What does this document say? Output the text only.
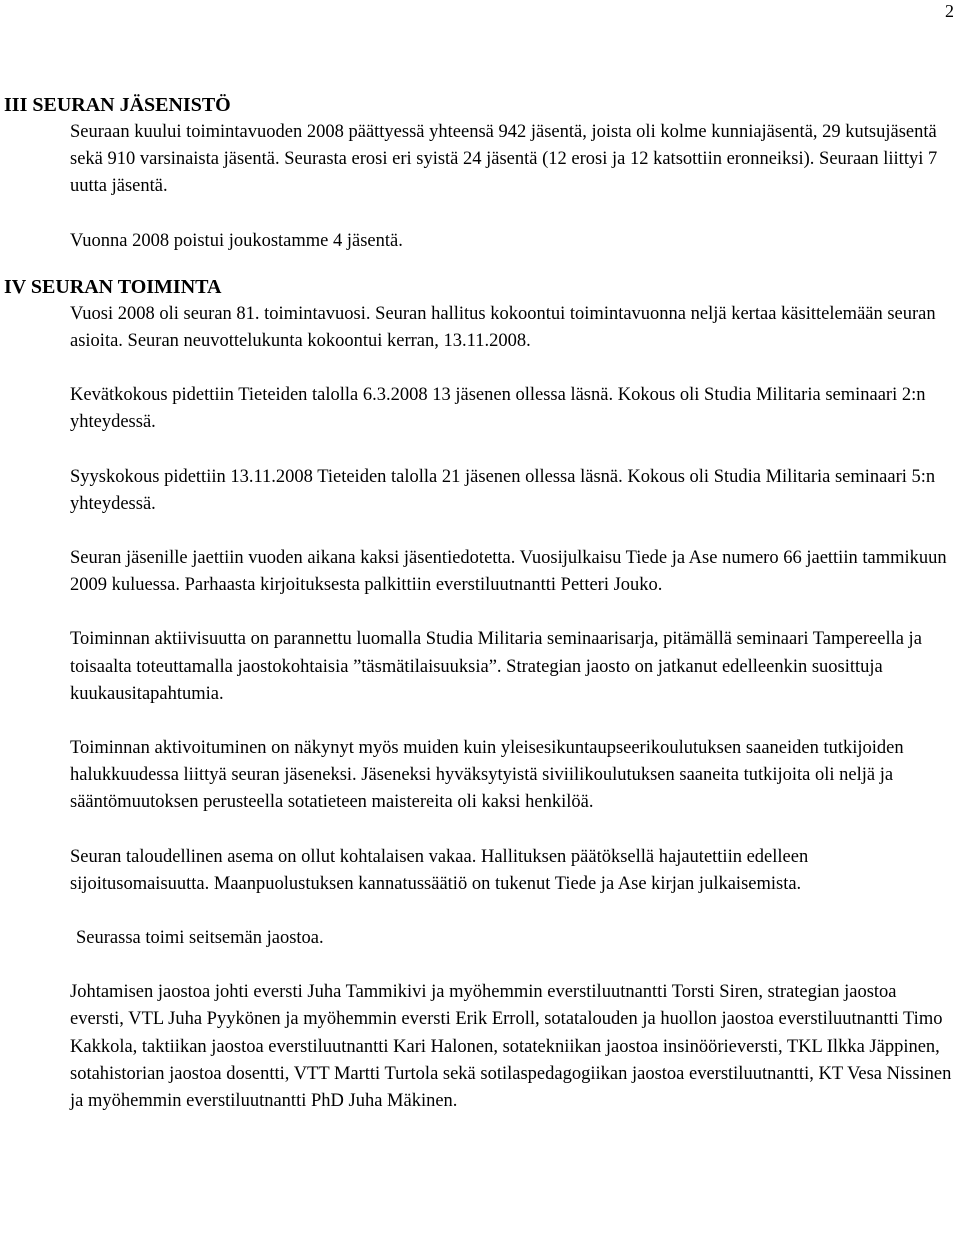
2
III SEURAN JÄSENISTÖ

Seuraan kuului toimintavuoden 2008 päättyessä yhteensä 942 jäsentä, joista oli kolme kunniajäsentä, 29 kutsujäsentä sekä 910 varsinaista jäsentä. Seurasta erosi eri syistä 24 jäsentä (12 erosi ja 12 katsottiin eronneiksi). Seuraan liittyi 7 uutta jäsentä.

Vuonna 2008 poistui joukostamme 4 jäsentä.

IV SEURAN TOIMINTA

Vuosi 2008 oli seuran 81. toimintavuosi. Seuran hallitus kokoontui toimintavuonna neljä kertaa käsittelemään seuran asioita. Seuran neuvottelukunta kokoontui kerran, 13.11.2008.

Kevätkokous pidettiin Tieteiden talolla 6.3.2008 13 jäsenen ollessa läsnä. Kokous oli Studia Militaria seminaari 2:n yhteydessä.

Syyskokous pidettiin 13.11.2008 Tieteiden talolla 21 jäsenen ollessa läsnä. Kokous oli Studia Militaria seminaari 5:n yhteydessä.

Seuran jäsenille jaettiin vuoden aikana kaksi jäsentiedotetta. Vuosijulkaisu Tiede ja Ase numero 66 jaettiin tammikuun 2009 kuluessa. Parhaasta kirjoituksesta palkittiin everstiluutnantti Petteri Jouko.

Toiminnan aktiivisuutta on parannettu luomalla Studia Militaria seminaarisarja, pitämällä seminaari Tampereella ja toisaalta toteuttamalla jaostokohtaisia ”täsmätilaisuuksia”. Strategian jaosto on jatkanut edelleenkin suosittuja kuukausitapahtumia.

Toiminnan aktivoituminen on näkynyt myös muiden kuin yleisesikuntaupseerikoulutuksen saaneiden tutkijoiden halukkuudessa liittyä seuran jäseneksi. Jäseneksi hyväksytyistä siviilikoulutuksen saaneita tutkijoita oli neljä ja sääntömuutoksen perusteella sotatieteen maistereita oli kaksi henkilöä.

Seuran taloudellinen asema on ollut kohtalaisen vakaa. Hallituksen päätöksellä hajautettiin edelleen sijoitusomaisuutta. Maanpuolustuksen kannatussäätiö on tukenut Tiede ja Ase kirjan julkaisemista.

Seurassa toimi seitsemän jaostoa.

Johtamisen jaostoa johti eversti Juha Tammikivi ja myöhemmin everstiluutnantti Torsti Siren, strategian jaostoa eversti, VTL Juha Pyykönen ja myöhemmin eversti Erik Erroll, sotatalouden ja huollon jaostoa everstiluutnantti Timo Kakkola, taktiikan jaostoa everstiluutnantti Kari Halonen, sotatekniikan jaostoa insinöörieversti, TKL Ilkka Jäppinen, sotahistorian jaostoa dosentti, VTT Martti Turtola sekä sotilaspedagogiikan jaostoa everstiluutnantti, KT Vesa Nissinen ja myöhemmin everstiluutnantti PhD Juha Mäkinen.
